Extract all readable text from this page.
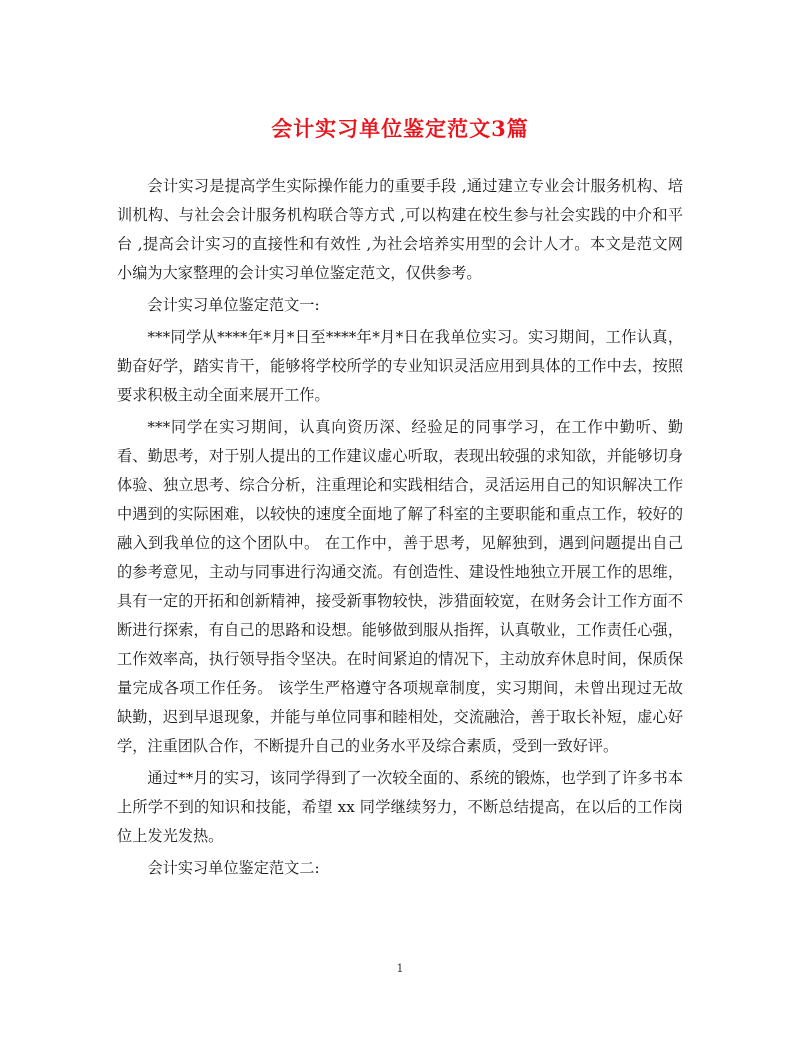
会计实习单位鉴定范文3篇

会计实习是提高学生实际操作能力的重要手段 ,通过建立专业会计服务机构、培训机构、与社会会计服务机构联合等方式 ,可以构建在校生参与社会实践的中介和平台 ,提高会计实习的直接性和有效性 ,为社会培养实用型的会计人才。本文是范文网小编为大家整理的会计实习单位鉴定范文，仅供参考。

会计实习单位鉴定范文一:

***同学从****年*月*日至****年*月*日在我单位实习。实习期间，工作认真，勤奋好学，踏实肯干，能够将学校所学的专业知识灵活应用到具体的工作中去，按照要求积极主动全面来展开工作。

***同学在实习期间，认真向资历深、经验足的同事学习，在工作中勤听、勤看、勤思考，对于别人提出的工作建议虚心听取，表现出较强的求知欲，并能够切身体验、独立思考、综合分析，注重理论和实践相结合，灵活运用自己的知识解决工作中遇到的实际困难，以较快的速度全面地了解了科室的主要职能和重点工作，较好的融入到我单位的这个团队中。 在工作中，善于思考，见解独到，遇到问题提出自己的参考意见，主动与同事进行沟通交流。有创造性、建设性地独立开展工作的思维，具有一定的开拓和创新精神，接受新事物较快，涉猎面较宽，在财务会计工作方面不断进行探索，有自己的思路和设想。能够做到服从指挥，认真敬业，工作责任心强，工作效率高，执行领导指令坚决。在时间紧迫的情况下，主动放弃休息时间，保质保量完成各项工作任务。 该学生严格遵守各项规章制度，实习期间，未曾出现过无故缺勤，迟到早退现象，并能与单位同事和睦相处，交流融洽，善于取长补短，虚心好学，注重团队合作，不断提升自己的业务水平及综合素质，受到一致好评。

通过**月的实习，该同学得到了一次较全面的、系统的锻炼，也学到了许多书本上所学不到的知识和技能，希望 xx 同学继续努力，不断总结提高，在以后的工作岗位上发光发热。

会计实习单位鉴定范文二:

1
